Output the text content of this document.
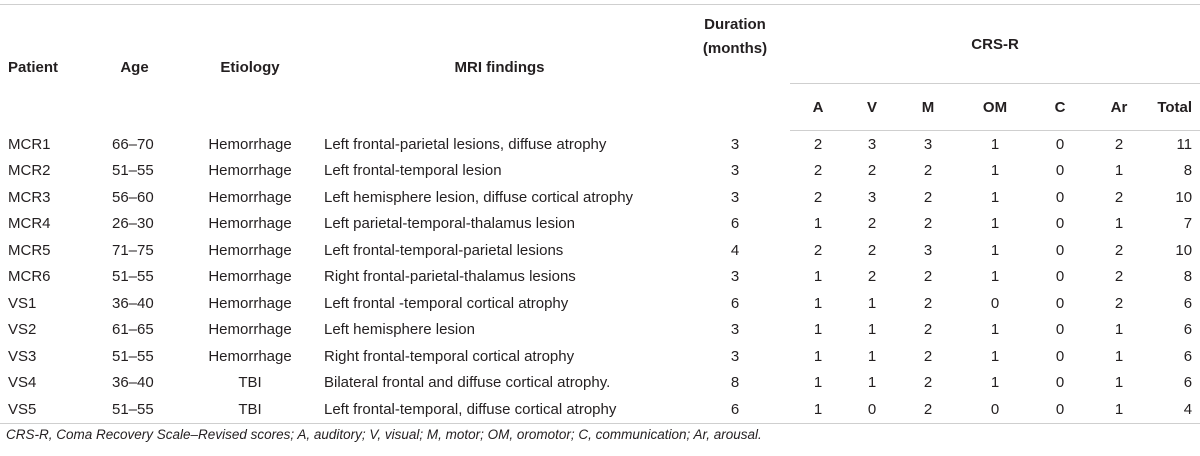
Patient	Age	Etiology	MRI findings	Duration
(months)	CRS-R						
					A	V	M	OM	C	Ar	Total
MCR1	66–70	Hemorrhage	Left frontal-parietal lesions, diffuse atrophy	3	2	3	3	1	0	2	11
MCR2	51–55	Hemorrhage	Left frontal-temporal lesion	3	2	2	2	1	0	1	8
MCR3	56–60	Hemorrhage	Left hemisphere lesion, diffuse cortical atrophy	3	2	3	2	1	0	2	10
MCR4	26–30	Hemorrhage	Left parietal-temporal-thalamus lesion	6	1	2	2	1	0	1	7
MCR5	71–75	Hemorrhage	Left frontal-temporal-parietal lesions	4	2	2	3	1	0	2	10
MCR6	51–55	Hemorrhage	Right frontal-parietal-thalamus lesions	3	1	2	2	1	0	2	8
VS1	36–40	Hemorrhage	Left frontal -temporal cortical atrophy	6	1	1	2	0	0	2	6
VS2	61–65	Hemorrhage	Left hemisphere lesion	3	1	1	2	1	0	1	6
VS3	51–55	Hemorrhage	Right frontal-temporal cortical atrophy	3	1	1	2	1	0	1	6
VS4	36–40	TBI	Bilateral frontal and diffuse cortical atrophy.	8	1	1	2	1	0	1	6
VS5	51–55	TBI	Left frontal-temporal, diffuse cortical atrophy	6	1	0	2	0	0	1	4
CRS-R, Coma Recovery Scale–Revised scores; A, auditory; V, visual; M, motor; OM, oromotor; C, communication; Ar, arousal.
